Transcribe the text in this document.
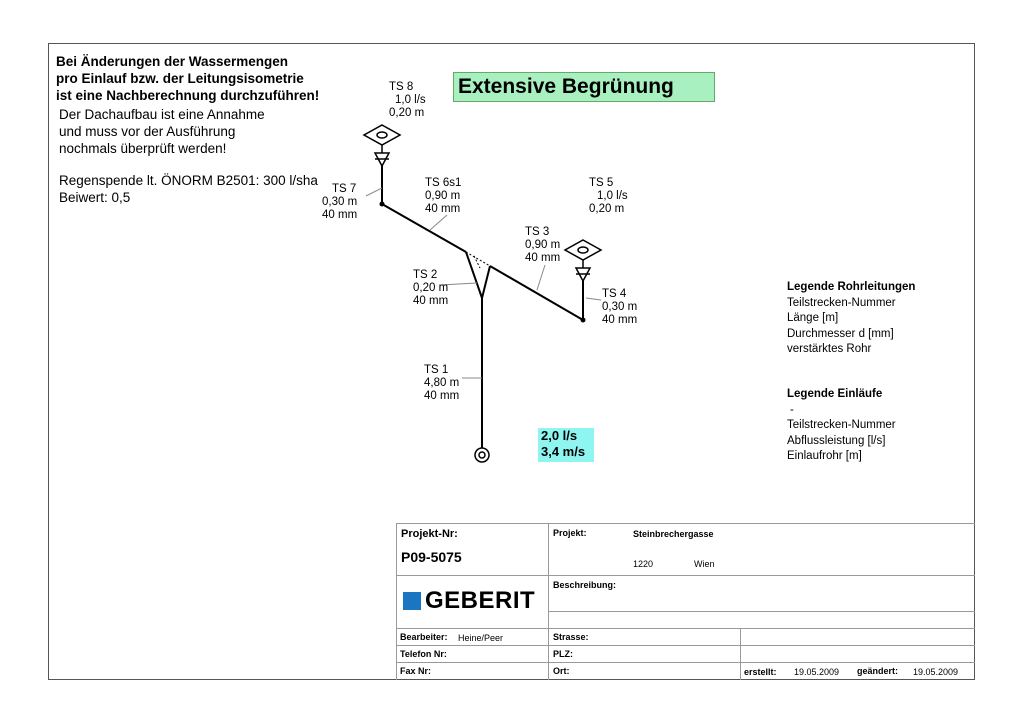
Bei Änderungen der Wassermengen
pro Einlauf bzw. der Leitungsisometrie
ist eine Nachberechnung durchzuführen!
Der Dachaufbau ist eine Annahme
und muss vor der Ausführung
nochmals überprüft werden!
Regenspende lt. ÖNORM B2501: 300 l/sha
Beiwert: 0,5
Extensive Begrünung
TS 8
1,0 l/s
0,20 m
TS 7
0,30 m
40 mm
TS 6s1
0,90 m
40 mm
TS 5
1,0 l/s
0,20 m
TS 3
0,90 m
40 mm
TS 2
0,20 m
40 mm
TS 4
0,30 m
40 mm
TS 1
4,80 m
40 mm
2,0 l/s
3,4 m/s
Legende Rohrleitungen
Teilstrecken-Nummer
Länge [m]
Durchmesser d [mm]
verstärktes Rohr
Legende Einläufe
-
Teilstrecken-Nummer
Abflussleistung [l/s]
Einlaufrohr [m]
Projekt-Nr:
P09-5075
Projekt:	Steinbrechergasse
1220	Wien
Beschreibung:
GEBERIT
Bearbeiter: Heine/Peer	Strasse:
Telefon Nr:	PLZ:
Fax Nr:	Ort:	erstellt: 19.05.2009 geändert: 19.05.2009
